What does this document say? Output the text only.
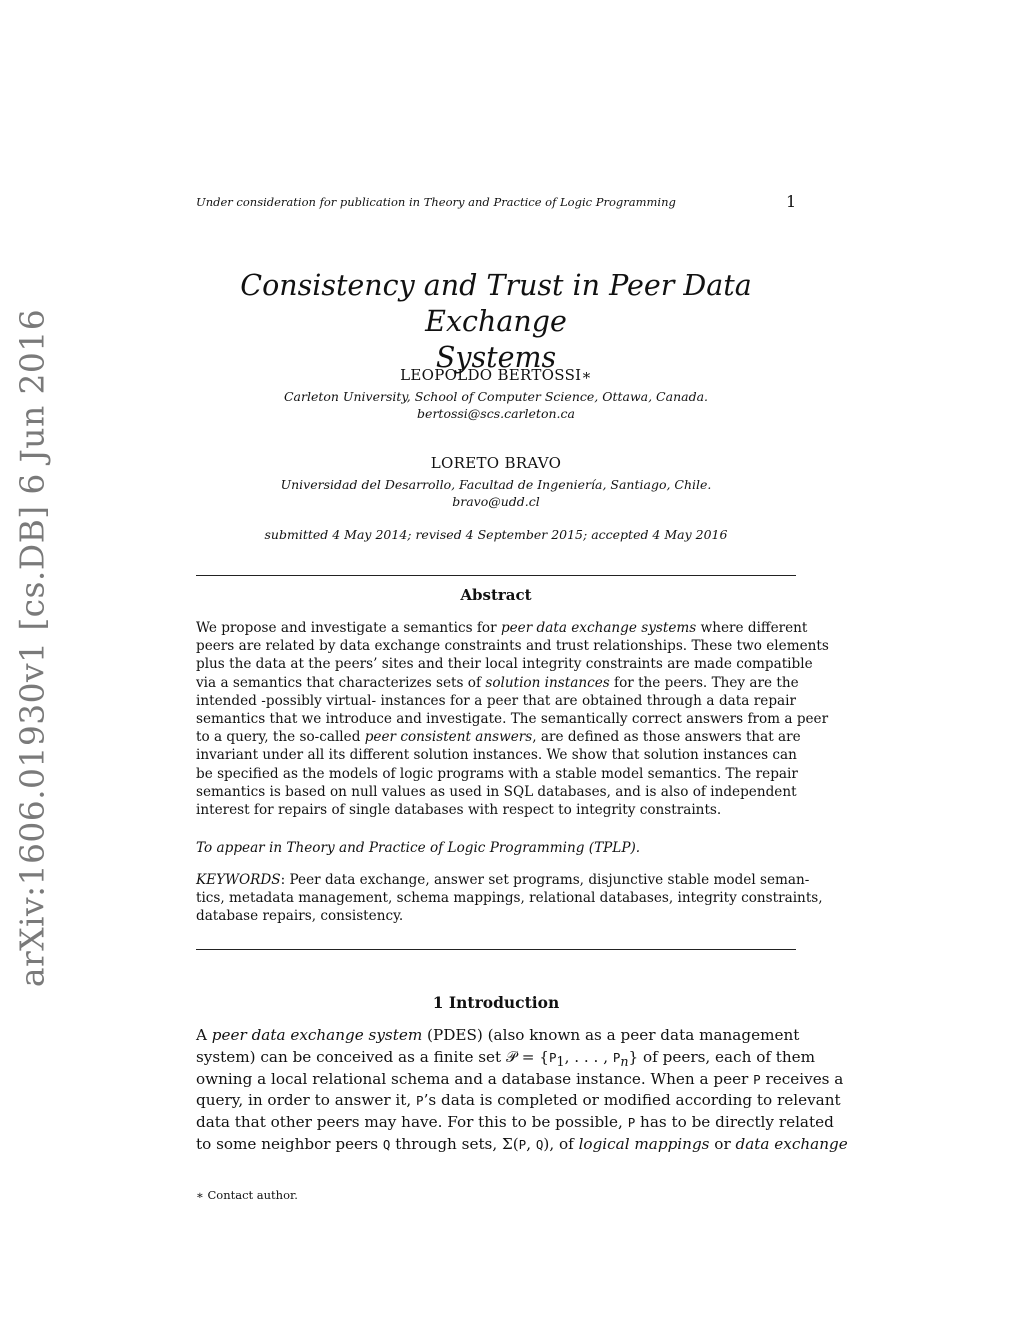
Under consideration for publication in Theory and Practice of Logic Programming	1
Consistency and Trust in Peer Data Exchange
Systems
LEOPOLDO BERTOSSI∗
Carleton University, School of Computer Science, Ottawa, Canada.
bertossi@scs.carleton.ca
LORETO BRAVO
Universidad del Desarrollo, Facultad de Ingeniería, Santiago, Chile.
bravo@udd.cl
submitted 4 May 2014; revised 4 September 2015; accepted 4 May 2016
Abstract
We propose and investigate a semantics for peer data exchange systems where different
peers are related by data exchange constraints and trust relationships. These two elements
plus the data at the peers’ sites and their local integrity constraints are made compatible
via a semantics that characterizes sets of solution instances for the peers. They are the
intended -possibly virtual- instances for a peer that are obtained through a data repair
semantics that we introduce and investigate. The semantically correct answers from a peer
to a query, the so-called peer consistent answers, are defined as those answers that are
invariant under all its different solution instances. We show that solution instances can
be specified as the models of logic programs with a stable model semantics. The repair
semantics is based on null values as used in SQL databases, and is also of independent
interest for repairs of single databases with respect to integrity constraints.
To appear in Theory and Practice of Logic Programming (TPLP).
KEYWORDS: Peer data exchange, answer set programs, disjunctive stable model seman-
tics, metadata management, schema mappings, relational databases, integrity constraints,
database repairs, consistency.
1 Introduction
A peer data exchange system (PDES) (also known as a peer data management
system) can be conceived as a finite set 𝒫 = {$P_1$, . . . , $P_n$} of peers, each of them
owning a local relational schema and a database instance. When a peer P receives a
query, in order to answer it, P’s data is completed or modified according to relevant
data that other peers may have. For this to be possible, P has to be directly related
to some neighbor peers Q through sets, Σ(P, Q), of logical mappings or data exchange
∗ Contact author.
arXiv:1606.01930v1 [cs.DB] 6 Jun 2016
